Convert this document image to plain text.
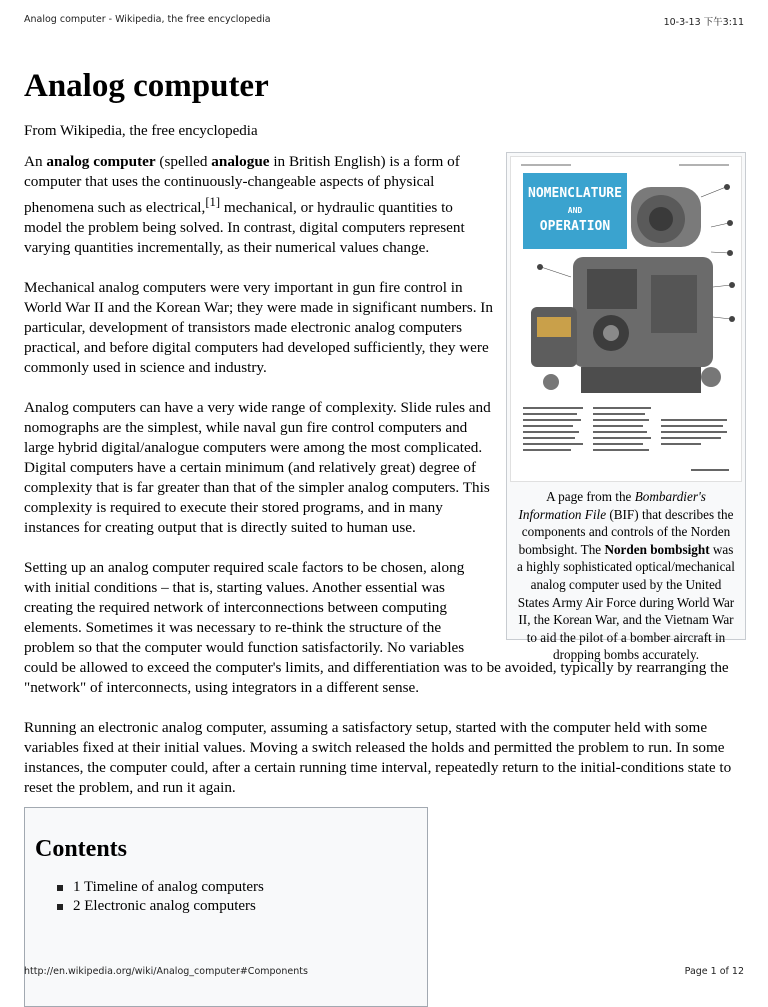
Analog computer - Wikipedia, the free encyclopedia	10-3-13 下午3:11
Analog computer
From Wikipedia, the free encyclopedia
NOMENCLATURE
AND
OPERATION
A page from the Bombardier's Information File (BIF) that describes the components and controls of the Norden bombsight. The Norden bombsight was a highly sophisticated optical/mechanical analog computer used by the United States Army Air Force during World War II, the Korean War, and the Vietnam War to aid the pilot of a bomber aircraft in dropping bombs accurately.

An analog computer (spelled analogue in British English) is a form of computer that uses the continuously-changeable aspects of physical phenomena such as electrical,[1] mechanical, or hydraulic quantities to model the problem being solved. In contrast, digital computers represent varying quantities incrementally, as their numerical values change.

Mechanical analog computers were very important in gun fire control in World War II and the Korean War; they were made in significant numbers. In particular, development of transistors made electronic analog computers practical, and before digital computers had developed sufficiently, they were commonly used in science and industry.

Analog computers can have a very wide range of complexity. Slide rules and nomographs are the simplest, while naval gun fire control computers and large hybrid digital/analogue computers were among the most complicated. Digital computers have a certain minimum (and relatively great) degree of complexity that is far greater than that of the simpler analog computers. This complexity is required to execute their stored programs, and in many instances for creating output that is directly suited to human use.

Setting up an analog computer required scale factors to be chosen, along with initial conditions – that is, starting values. Another essential was creating the required network of interconnections between computing elements. Sometimes it was necessary to re-think the structure of the problem so that the computer would function satisfactorily. No variables could be allowed to exceed the computer's limits, and differentiation was to be avoided, typically by rearranging the "network" of interconnects, using integrators in a different sense.

Running an electronic analog computer, assuming a satisfactory setup, started with the computer held with some variables fixed at their initial values. Moving a switch released the holds and permitted the problem to run. In some instances, the computer could, after a certain running time interval, repeatedly return to the initial-conditions state to reset the problem, and run it again.

Contents
1 Timeline of analog computers
2 Electronic analog computers
http://en.wikipedia.org/wiki/Analog_computer#Components	Page 1 of 12
